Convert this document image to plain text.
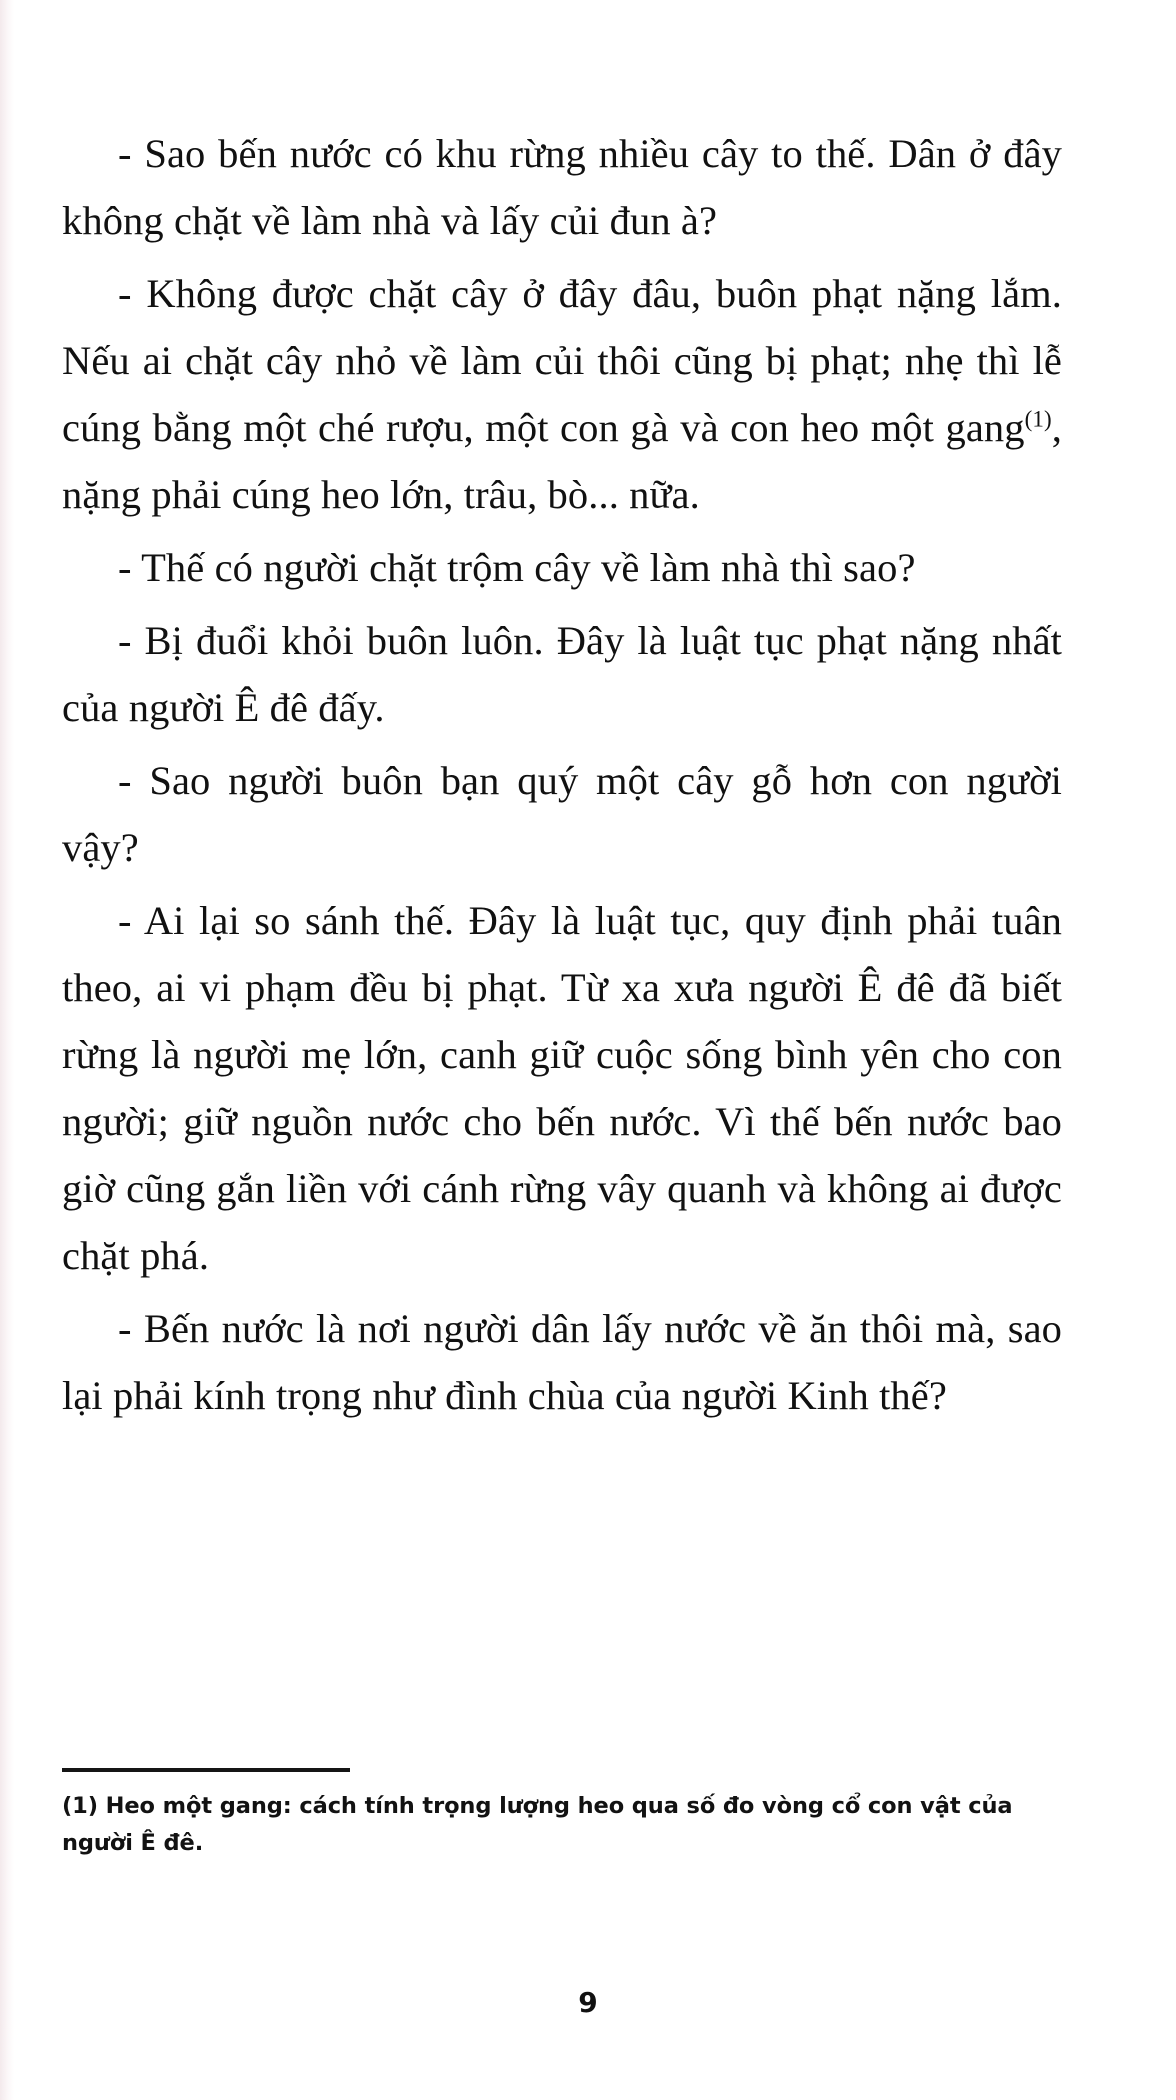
- Sao bến nước có khu rừng nhiều cây to thế. Dân ở đây không chặt về làm nhà và lấy củi đun à?

- Không được chặt cây ở đây đâu, buôn phạt nặng lắm. Nếu ai chặt cây nhỏ về làm củi thôi cũng bị phạt; nhẹ thì lễ cúng bằng một ché rượu, một con gà và con heo một gang$^{(1)}$, nặng phải cúng heo lớn, trâu, bò... nữa.

- Thế có người chặt trộm cây về làm nhà thì sao?

- Bị đuổi khỏi buôn luôn. Đây là luật tục phạt nặng nhất của người Ê đê đấy.

- Sao người buôn bạn quý một cây gỗ hơn con người vậy?

- Ai lại so sánh thế. Đây là luật tục, quy định phải tuân theo, ai vi phạm đều bị phạt. Từ xa xưa người Ê đê đã biết rừng là người mẹ lớn, canh giữ cuộc sống bình yên cho con người; giữ nguồn nước cho bến nước. Vì thế bến nước bao giờ cũng gắn liền với cánh rừng vây quanh và không ai được chặt phá.

- Bến nước là nơi người dân lấy nước về ăn thôi mà, sao lại phải kính trọng như đình chùa của người Kinh thế?

(1) Heo một gang: cách tính trọng lượng heo qua số đo vòng cổ con vật của người Ê đê.
9
